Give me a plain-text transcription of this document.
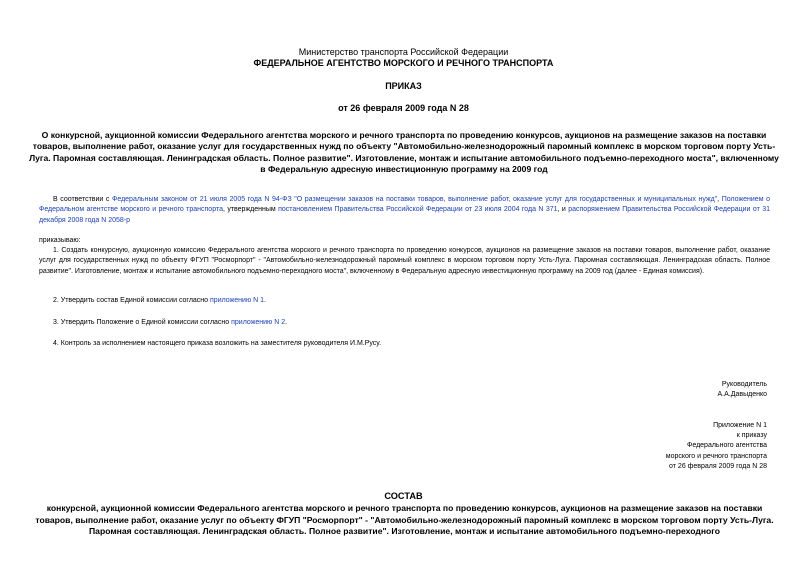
Министерство транспорта Российской Федерации
ФЕДЕРАЛЬНОЕ АГЕНТСТВО МОРСКОГО И РЕЧНОГО ТРАНСПОРТА
ПРИКАЗ
от 26 февраля 2009 года N 28
О конкурсной, аукционной комиссии Федерального агентства морского и речного транспорта по проведению конкурсов, аукционов на размещение заказов на поставки товаров, выполнение работ, оказание услуг для государственных нужд по объекту "Автомобильно-железнодорожный паромный комплекс в морском торговом порту Усть-Луга. Паромная составляющая. Ленинградская область. Полное развитие". Изготовление, монтаж и испытание автомобильного подъемно-переходного моста", включенному в Федеральную адресную инвестиционную программу на 2009 год
В соответствии с Федеральным законом от 21 июля 2005 года N 94-ФЗ "О размещении заказов на поставки товаров, выполнение работ, оказание услуг для государственных и муниципальных нужд", Положением о Федеральном агентстве морского и речного транспорта, утвержденным постановлением Правительства Российской Федерации от 23 июля 2004 года N 371, и распоряжением Правительства Российской Федерации от 31 декабря 2008 года N 2058-р
приказываю:
1. Создать конкурсную, аукционную комиссию Федерального агентства морского и речного транспорта по проведению конкурсов, аукционов на размещение заказов на поставки товаров, выполнение работ, оказание услуг для государственных нужд по объекту ФГУП "Росморпорт" - "Автомобильно-железнодорожный паромный комплекс в морском торговом порту Усть-Луга. Паромная составляющая. Ленинградская область. Полное развитие". Изготовление, монтаж и испытание автомобильного подъемно-переходного моста", включенному в Федеральную адресную инвестиционную программу на 2009 год (далее - Единая комиссия).
2. Утвердить состав Единой комиссии согласно приложению N 1.
3. Утвердить Положение о Единой комиссии согласно приложению N 2.
4. Контроль за исполнением настоящего приказа возложить на заместителя руководителя И.М.Русу.
Руководитель
А.А.Давыденко
Приложение N 1
к приказу
Федерального агентства
морского и речного транспорта
от 26 февраля 2009 года N 28
СОСТАВ
конкурсной, аукционной комиссии Федерального агентства морского и речного транспорта по проведению конкурсов, аукционов на размещение заказов на поставки товаров, выполнение работ, оказание услуг по объекту ФГУП "Росморпорт" - "Автомобильно-железнодорожный паромный комплекс в морском торговом порту Усть-Луга. Паромная составляющая. Ленинградская область. Полное развитие". Изготовление, монтаж и испытание автомобильного подъемно-переходного
